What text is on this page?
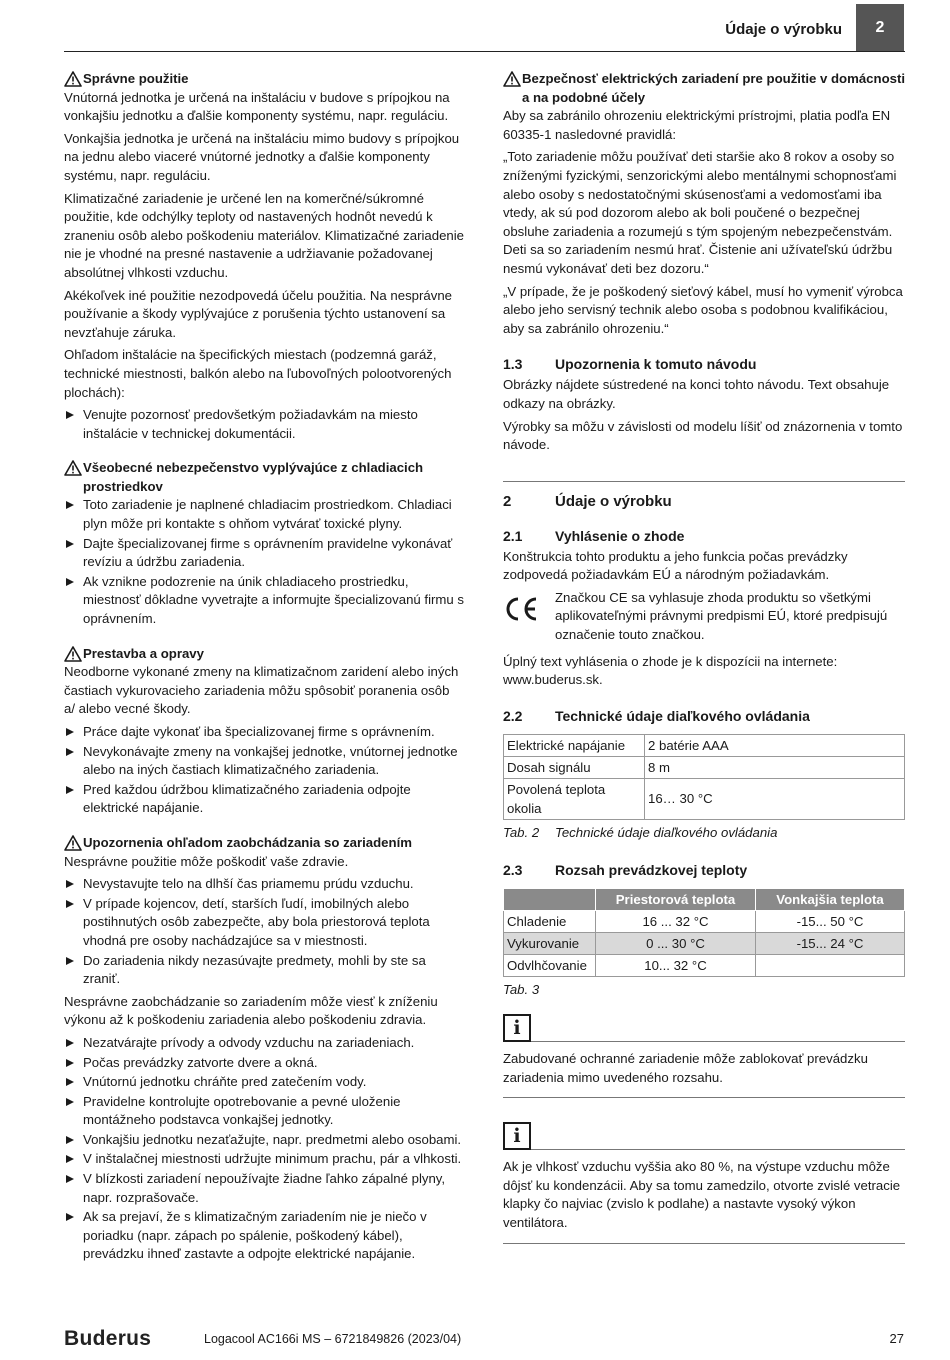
Údaje o výrobku	2
Správne použitie

Vnútorná jednotka je určená na inštaláciu v budove s prípojkou na vonkajšiu jednotku a ďalšie komponenty systému, napr. reguláciu.

Vonkajšia jednotka je určená na inštaláciu mimo budovy s prípojkou na jednu alebo viaceré vnútorné jednotky a ďalšie komponenty systému, napr. reguláciu.

Klimatizačné zariadenie je určené len na komerčné/súkromné použitie, kde odchýlky teploty od nastavených hodnôt nevedú k zraneniu osôb alebo poškodeniu materiálov. Klimatizačné zariadenie nie je vhodné na presné nastavenie a udržiavanie požadovanej absolútnej vlhkosti vzduchu.

Akékoľvek iné použitie nezodpovedá účelu použitia. Na nesprávne používanie a škody vyplývajúce z porušenia týchto ustanovení sa nevzťahuje záruka.

Ohľadom inštalácie na špecifických miestach (podzemná garáž, technické miestnosti, balkón alebo na ľubovoľných polootvorených plochách):

Venujte pozornosť predovšetkým požiadavkám na miesto inštalácie v technickej dokumentácii.
Všeobecné nebezpečenstvo vyplývajúce z chladiacich prostriedkov
Toto zariadenie je naplnené chladiacim prostriedkom. Chladiaci plyn môže pri kontakte s ohňom vytvárať toxické plyny.
Dajte špecializovanej firme s oprávnením pravidelne vykonávať revíziu a údržbu zariadenia.
Ak vznikne podozrenie na únik chladiaceho prostriedku, miestnosť dôkladne vyvetrajte a informujte špecializovanú firmu s oprávnením.
Prestavba a opravy

Neodborne vykonané zmeny na klimatizačnom zaridení alebo iných častiach vykurovacieho zariadenia môžu spôsobiť poranenia osôb a/ alebo vecné škody.

Práce dajte vykonať iba špecializovanej firme s oprávnením.
Nevykonávajte zmeny na vonkajšej jednotke, vnútornej jednotke alebo na iných častiach klimatizačného zariadenia.
Pred každou údržbou klimatizačného zariadenia odpojte elektrické napájanie.
Upozornenia ohľadom zaobchádzania so zariadením

Nesprávne použitie môže poškodiť vaše zdravie.

Nevystavujte telo na dlhší čas priamemu prúdu vzduchu.
V prípade kojencov, detí, starších ľudí, imobilných alebo postihnutých osôb zabezpečte, aby bola priestorová teplota vhodná pre osoby nachádzajúce sa v miestnosti.
Do zariadenia nikdy nezasúvajte predmety, mohli by ste sa zraniť.

Nesprávne zaobchádzanie so zariadením môže viesť k zníženiu výkonu až k poškodeniu zariadenia alebo poškodeniu zdravia.

Nezatvárajte prívody a odvody vzduchu na zariadeniach.
Počas prevádzky zatvorte dvere a okná.
Vnútornú jednotku chráňte pred zatečením vody.
Pravidelne kontrolujte opotrebovanie a pevné uloženie montážneho podstavca vonkajšej jednotky.
Vonkajšiu jednotku nezaťažujte, napr. predmetmi alebo osobami.
V inštalačnej miestnosti udržujte minimum prachu, pár a vlhkosti.
V blízkosti zariadení nepoužívajte žiadne ľahko zápalné plyny, napr. rozprašovače.
Ak sa prejaví, že s klimatizačným zariadením nie je niečo v poriadku (napr. zápach po spálenie, poškodený kábel), prevádzku ihneď zastavte a odpojte elektrické napájanie.
Bezpečnosť elektrických zariadení pre použitie v domácnosti a na podobné účely

Aby sa zabránilo ohrozeniu elektrickými prístrojmi, platia podľa EN 60335-1 nasledovné pravidlá:

„Toto zariadenie môžu používať deti staršie ako 8 rokov a osoby so zníženými fyzickými, senzorickými alebo mentálnymi schopnosťami alebo osoby s nedostatočnými skúsenosťami a vedomosťami iba vtedy, ak sú pod dozorom alebo ak boli poučené o bezpečnej obsluhe zariadenia a rozumejú s tým spojeným nebezpečenstvám. Deti sa so zariadením nesmú hrať. Čistenie ani užívateľskú údržbu nesmú vykonávať deti bez dozoru.“

„V prípade, že je poškodený sieťový kábel, musí ho vymeniť výrobca alebo jeho servisný technik alebo osoba s podobnou kvalifikáciou, aby sa zabránilo ohrozeniu.“

1.3	Upozornenia k tomuto návodu

Obrázky nájdete sústredené na konci tohto návodu. Text obsahuje odkazy na obrázky.

Výrobky sa môžu v závislosti od modelu líšiť od znázornenia v tomto návode.

2	Údaje o výrobku
2.1	Vyhlásenie o zhode

Konštrukcia tohto produktu a jeho funkcia počas prevádzky zodpovedá požiadavkám EÚ a národným požiadavkám.

Značkou CE sa vyhlasuje zhoda produktu so všetkými aplikovateľnými právnymi predpismi EÚ, ktoré predpisujú označenie touto značkou.

Úplný text vyhlásenia o zhode je k dispozícii na internete: www.buderus.sk.

2.2	Technické údaje diaľkového ovládania
Elektrické napájanie	2 batérie AAA
Dosah signálu	8 m
Povolená teplota okolia	16… 30 °C
Tab. 2	Technické údaje diaľkového ovládania
2.3	Rozsah prevádzkovej teploty
	Priestorová teplota	Vonkajšia teplota
Chladenie	16 ... 32 °C	-15... 50 °C
Vykurovanie	0 ... 30 °C	-15... 24 °C
Odvlhčovanie	10... 32 °C	
Tab. 3
i

Zabudované ochranné zariadenie môže zablokovať prevádzku zariadenia mimo uvedeného rozsahu.

i

Ak je vlhkosť vzduchu vyššia ako 80 %, na výstupe vzduchu môže dôjsť ku kondenzácii. Aby sa tomu zamedzilo, otvorte zvislé vetracie klapky čo najviac (zvislo k podlahe) a nastavte vysoký výkon ventilátora.

Buderus	Logacool AC166i MS – 6721849826 (2023/04)	27
